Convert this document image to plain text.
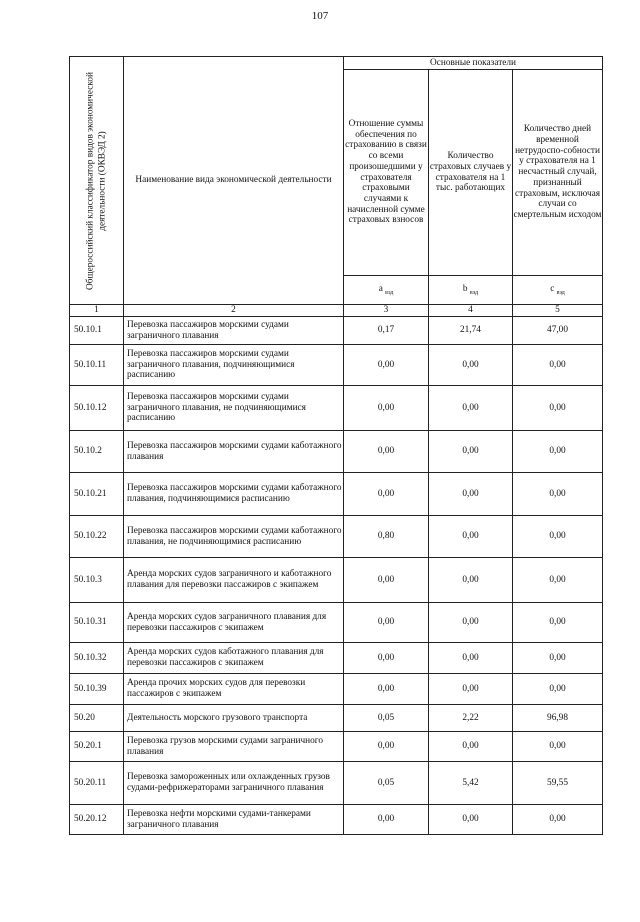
107
Общероссийский классификатор видов экономической деятельности (ОКВЭД 2)	Наименование вида экономической деятельности	Основные показатели		
		Отношение суммы обеспечения по страхованию в связи со всеми произошедшими у страхователя страховыми случаями к начисленной сумме страховых взносов	Количество страховых случаев у страхователя на 1 тыс. работающих	Количество дней временной нетрудоспо-собности у страхователя на 1 несчастный случай, признанный страховым, исключая случаи со смертельным исходом
		a $_{вэд}$	b $_{вэд}$	c $_{вэд}$
1	2	3	4	5
50.10.1	Перевозка пассажиров морскими судами заграничного плавания	0,17	21,74	47,00
50.10.11	Перевозка пассажиров морскими судами заграничного плавания, подчиняющимися расписанию	0,00	0,00	0,00
50.10.12	Перевозка пассажиров морскими судами заграничного плавания, не подчиняющимися расписанию	0,00	0,00	0,00
50.10.2	Перевозка пассажиров морскими судами каботажного плавания	0,00	0,00	0,00
50.10.21	Перевозка пассажиров морскими судами каботажного плавания, подчиняющимися расписанию	0,00	0,00	0,00
50.10.22	Перевозка пассажиров морскими судами каботажного плавания, не подчиняющимися расписанию	0,80	0,00	0,00
50.10.3	Аренда морских судов заграничного и каботажного плавания для перевозки пассажиров с экипажем	0,00	0,00	0,00
50.10.31	Аренда морских судов заграничного плавания для перевозки пассажиров с экипажем	0,00	0,00	0,00
50.10.32	Аренда морских судов каботажного плавания для перевозки пассажиров с экипажем	0,00	0,00	0,00
50.10.39	Аренда прочих морских судов для перевозки пассажиров с экипажем	0,00	0,00	0,00
50.20	Деятельность морского грузового транспорта	0,05	2,22	96,98
50.20.1	Перевозка грузов морскими судами заграничного плавания	0,00	0,00	0,00
50.20.11	Перевозка замороженных или охлажденных грузов судами-рефрижераторами заграничного плавания	0,05	5,42	59,55
50.20.12	Перевозка нефти морскими судами-танкерами заграничного плавания	0,00	0,00	0,00
